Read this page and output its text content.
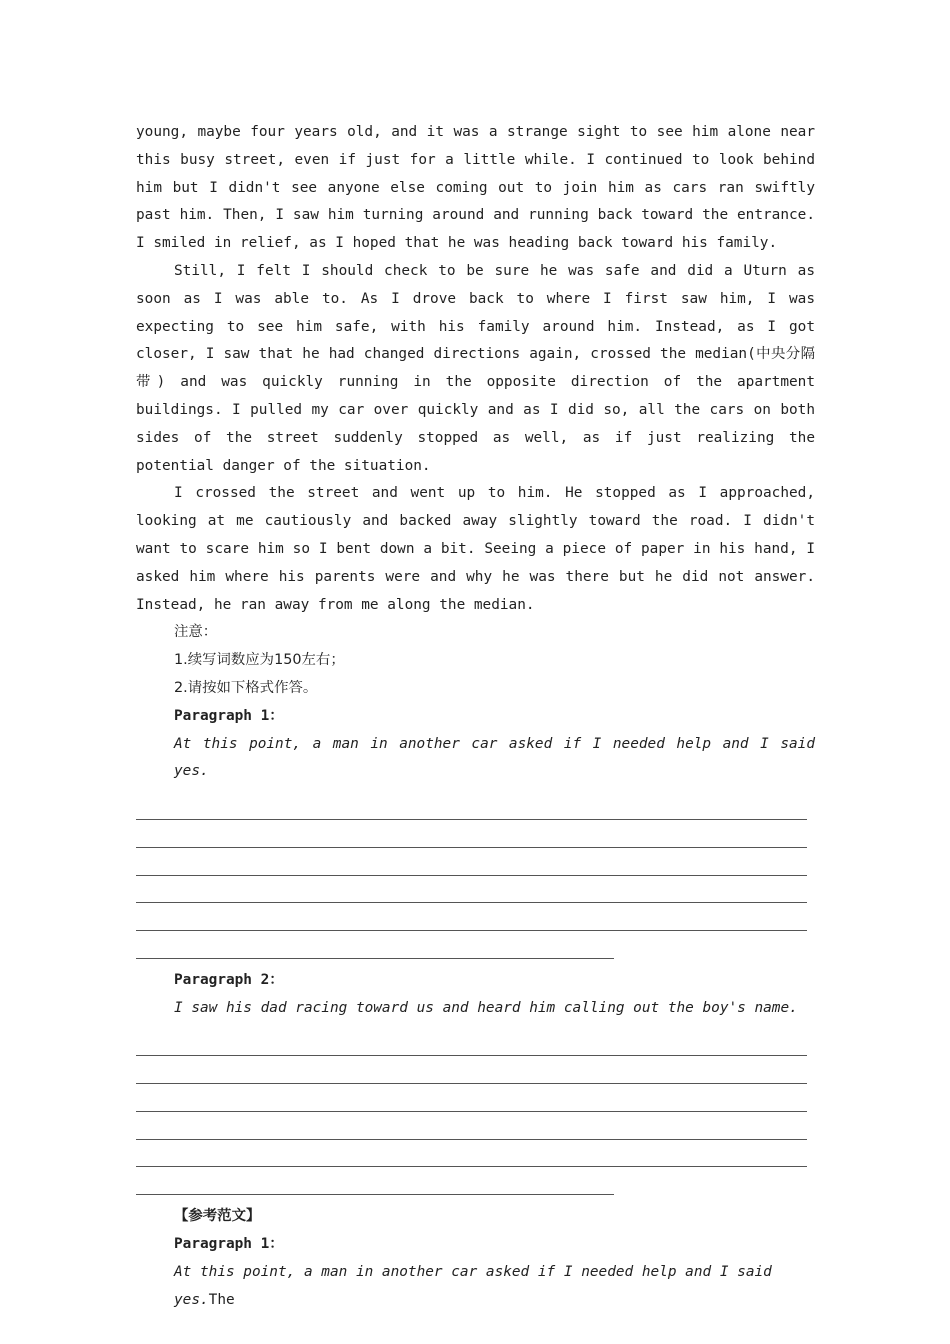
young, maybe four years old, and it was a strange sight to see him alone near this busy street, even if just for a little while. I continued to look behind him but I didn't see anyone else coming out to join him as cars ran swiftly past him. Then, I saw him turning around and running back toward the entrance. I smiled in relief, as I hoped that he was heading back toward his family.

Still, I felt I should check to be sure he was safe and did a Uturn as soon as I was able to. As I drove back to where I first saw him, I was expecting to see him safe, with his family around him. Instead, as I got closer, I saw that he had changed directions again, crossed the median(中央分隔带) and was quickly running in the opposite direction of the apartment buildings. I pulled my car over quickly and as I did so, all the cars on both sides of the street suddenly stopped as well, as if just realizing the potential danger of the situation.

I crossed the street and went up to him. He stopped as I approached, looking at me cautiously and backed away slightly toward the road. I didn't want to scare him so I bent down a bit. Seeing a piece of paper in his hand, I asked him where his parents were and why he was there but he did not answer. Instead, he ran away from me along the median.

注意：

1.续写词数应为150左右；

2.请按如下格式作答。

Paragraph 1：

At this point, a man in another car asked if I needed help and I said yes.

Paragraph 2：

I saw his dad racing toward us and heard him calling out the boy's name.

【参考范文】

Paragraph 1：

At this point, a man in another car asked if I needed help and I said yes.The
